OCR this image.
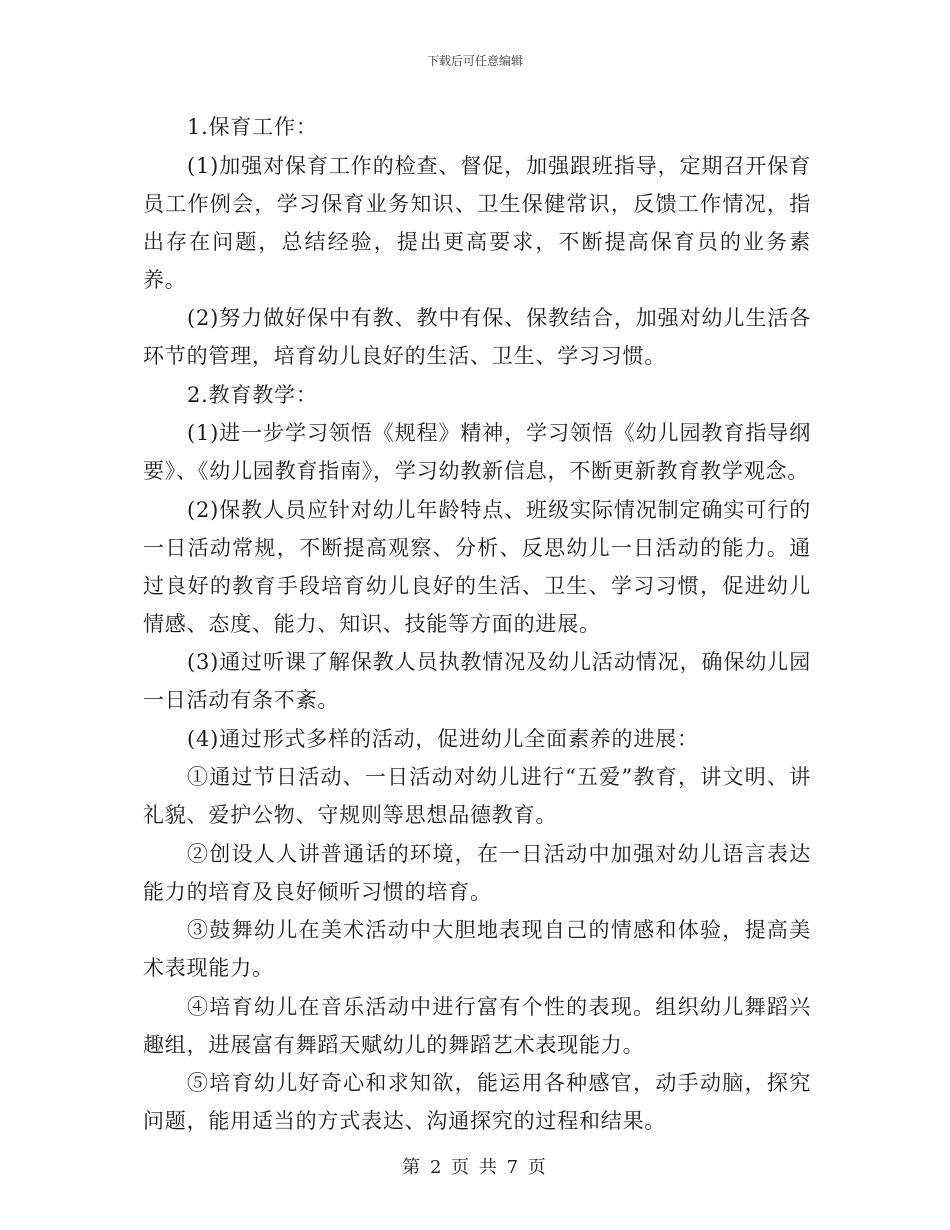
下载后可任意编辑

1.保育工作：

(1)加强对保育工作的检查、督促，加强跟班指导，定期召开保育员工作例会，学习保育业务知识、卫生保健常识，反馈工作情况，指出存在问题，总结经验，提出更高要求，不断提高保育员的业务素养。

(2)努力做好保中有教、教中有保、保教结合，加强对幼儿生活各环节的管理，培育幼儿良好的生活、卫生、学习习惯。

2.教育教学：

(1)进一步学习领悟《规程》精神，学习领悟《幼儿园教育指导纲要》、《幼儿园教育指南》，学习幼教新信息，不断更新教育教学观念。

(2)保教人员应针对幼儿年龄特点、班级实际情况制定确实可行的一日活动常规，不断提高观察、分析、反思幼儿一日活动的能力。通过良好的教育手段培育幼儿良好的生活、卫生、学习习惯，促进幼儿情感、态度、能力、知识、技能等方面的进展。

(3)通过听课了解保教人员执教情况及幼儿活动情况，确保幼儿园一日活动有条不紊。

(4)通过形式多样的活动，促进幼儿全面素养的进展：

①通过节日活动、一日活动对幼儿进行“五爱”教育，讲文明、讲礼貌、爱护公物、守规则等思想品德教育。

②创设人人讲普通话的环境，在一日活动中加强对幼儿语言表达能力的培育及良好倾听习惯的培育。

③鼓舞幼儿在美术活动中大胆地表现自己的情感和体验，提高美术表现能力。

④培育幼儿在音乐活动中进行富有个性的表现。组织幼儿舞蹈兴趣组，进展富有舞蹈天赋幼儿的舞蹈艺术表现能力。

⑤培育幼儿好奇心和求知欲，能运用各种感官，动手动脑，探究问题，能用适当的方式表达、沟通探究的过程和结果。

第 2 页 共 7 页
